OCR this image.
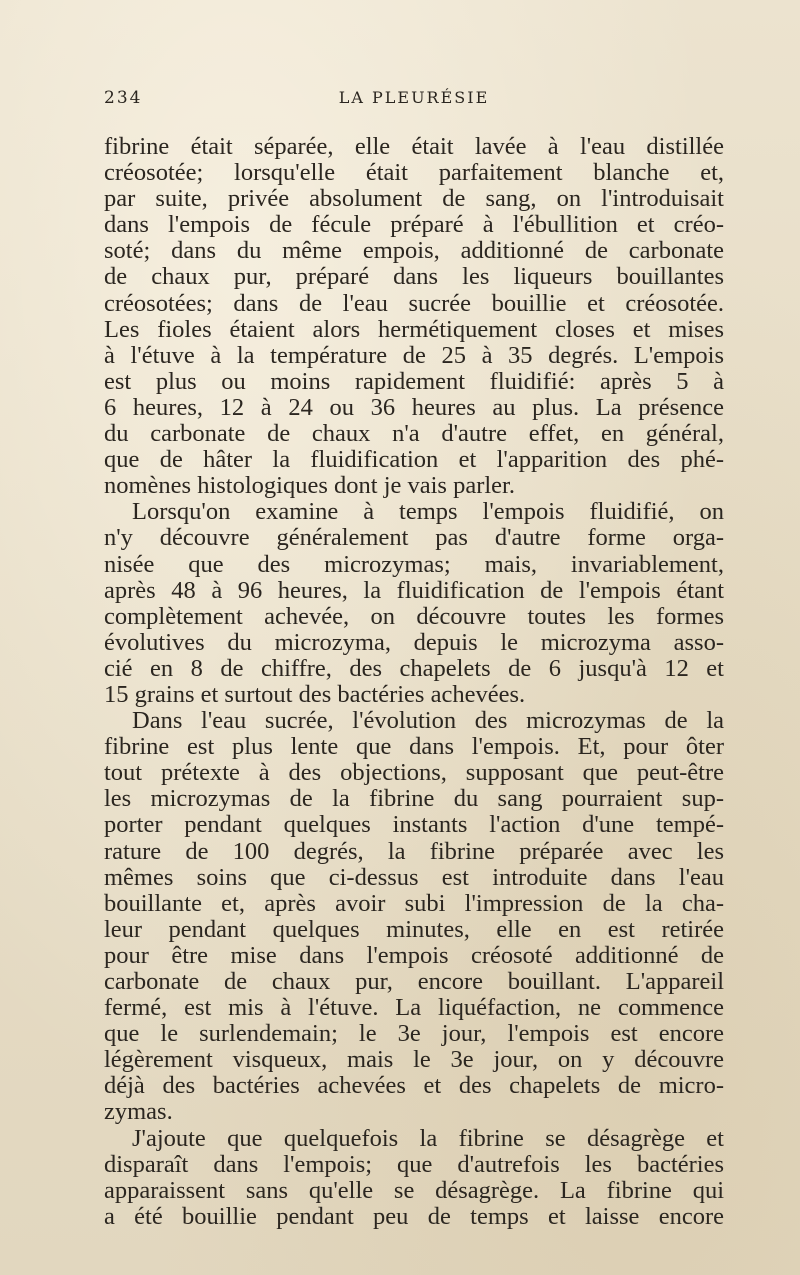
234	LA PLEURÉSIE
fibrine était séparée, elle était lavée à l'eau distillée
créosotée; lorsqu'elle était parfaitement blanche et,
par suite, privée absolument de sang, on l'introduisait
dans l'empois de fécule préparé à l'ébullition et créo-
soté; dans du même empois, additionné de carbonate
de chaux pur, préparé dans les liqueurs bouillantes
créosotées; dans de l'eau sucrée bouillie et créosotée.
Les fioles étaient alors hermétiquement closes et mises
à l'étuve à la température de 25 à 35 degrés. L'empois
est plus ou moins rapidement fluidifié: après 5 à
6 heures, 12 à 24 ou 36 heures au plus. La présence
du carbonate de chaux n'a d'autre effet, en général,
que de hâter la fluidification et l'apparition des phé-
nomènes histologiques dont je vais parler.
Lorsqu'on examine à temps l'empois fluidifié, on
n'y découvre généralement pas d'autre forme orga-
nisée que des microzymas; mais, invariablement,
après 48 à 96 heures, la fluidification de l'empois étant
complètement achevée, on découvre toutes les formes
évolutives du microzyma, depuis le microzyma asso-
cié en 8 de chiffre, des chapelets de 6 jusqu'à 12 et
15 grains et surtout des bactéries achevées.
Dans l'eau sucrée, l'évolution des microzymas de la
fibrine est plus lente que dans l'empois. Et, pour ôter
tout prétexte à des objections, supposant que peut-être
les microzymas de la fibrine du sang pourraient sup-
porter pendant quelques instants l'action d'une tempé-
rature de 100 degrés, la fibrine préparée avec les
mêmes soins que ci-dessus est introduite dans l'eau
bouillante et, après avoir subi l'impression de la cha-
leur pendant quelques minutes, elle en est retirée
pour être mise dans l'empois créosoté additionné de
carbonate de chaux pur, encore bouillant. L'appareil
fermé, est mis à l'étuve. La liquéfaction, ne commence
que le surlendemain; le 3e jour, l'empois est encore
légèrement visqueux, mais le 3e jour, on y découvre
déjà des bactéries achevées et des chapelets de micro-
zymas.
J'ajoute que quelquefois la fibrine se désagrège et
disparaît dans l'empois; que d'autrefois les bactéries
apparaissent sans qu'elle se désagrège. La fibrine qui
a été bouillie pendant peu de temps et laisse encore
